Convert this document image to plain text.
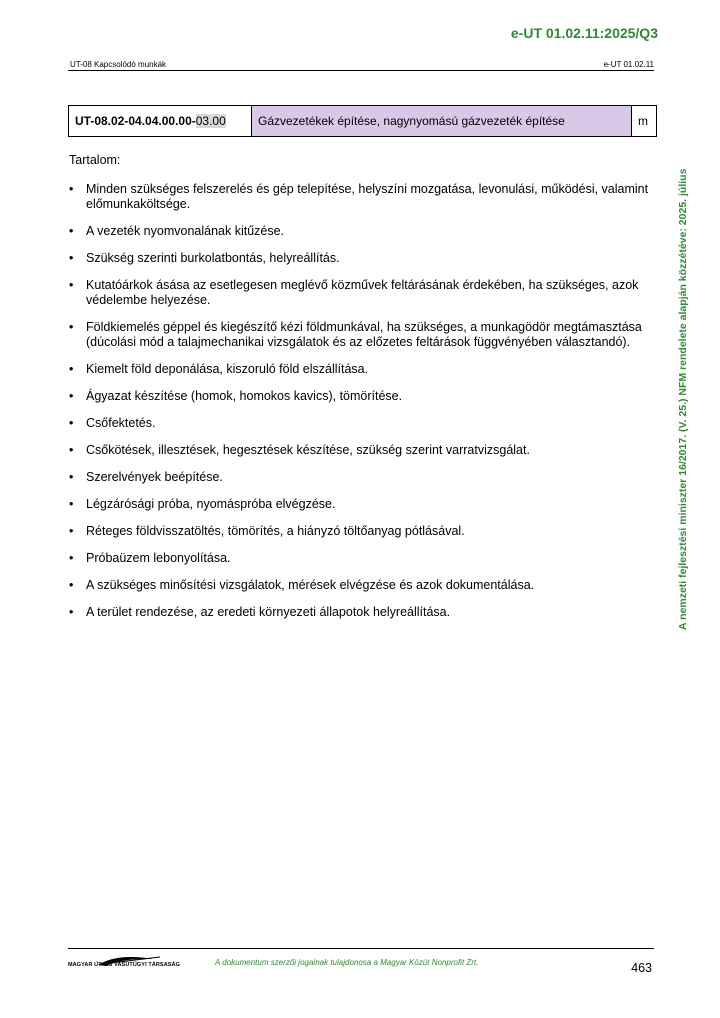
e-UT 01.02.11:2025/Q3
UT-08 Kapcsolódó munkák	e-UT 01.02.11
A nemzeti fejlesztési miniszter 16/2017. (V. 25.) NFM rendelete alapján közzétéve: 2025. július
UT-08.02-04.04.00.00-03.00	Gázvezetékek építése, nagynyomású gázvezeték építése	m
Tartalom:
• Minden szükséges felszerelés és gép telepítése, helyszíni mozgatása, levonulási, működési, valamint előmunkaköltsége.
• A vezeték nyomvonalának kitűzése.
• Szükség szerinti burkolatbontás, helyreállítás.
• Kutatóárkok ásása az esetlegesen meglévő közművek feltárásának érdekében, ha szükséges, azok védelembe helyezése.
• Földkiemelés géppel és kiegészítő kézi földmunkával, ha szükséges, a munkagödör megtámasztása (dúcolási mód a talajmechanikai vizsgálatok és az előzetes feltárások függvényében választandó).
• Kiemelt föld deponálása, kiszoruló föld elszállítása.
• Ágyazat készítése (homok, homokos kavics), tömörítése.
• Csőfektetés.
• Csőkötések, illesztések, hegesztések készítése, szükség szerint varratvizsgálat.
• Szerelvények beépítése.
• Légzárósági próba, nyomáspróba elvégzése.
• Réteges földvisszatöltés, tömörítés, a hiányzó töltőanyag pótlásával.
• Próbaüzem lebonyolítása.
• A szükséges minősítési vizsgálatok, mérések elvégzése és azok dokumentálása.
• A terület rendezése, az eredeti környezeti állapotok helyreállítása.
MAGYAR ÚT- ÉS VASÚTÜGYI TÁRSASÁG	A dokumentum szerzői jogainak tulajdonosa a Magyar Közút Nonprofit Zrt.	463
